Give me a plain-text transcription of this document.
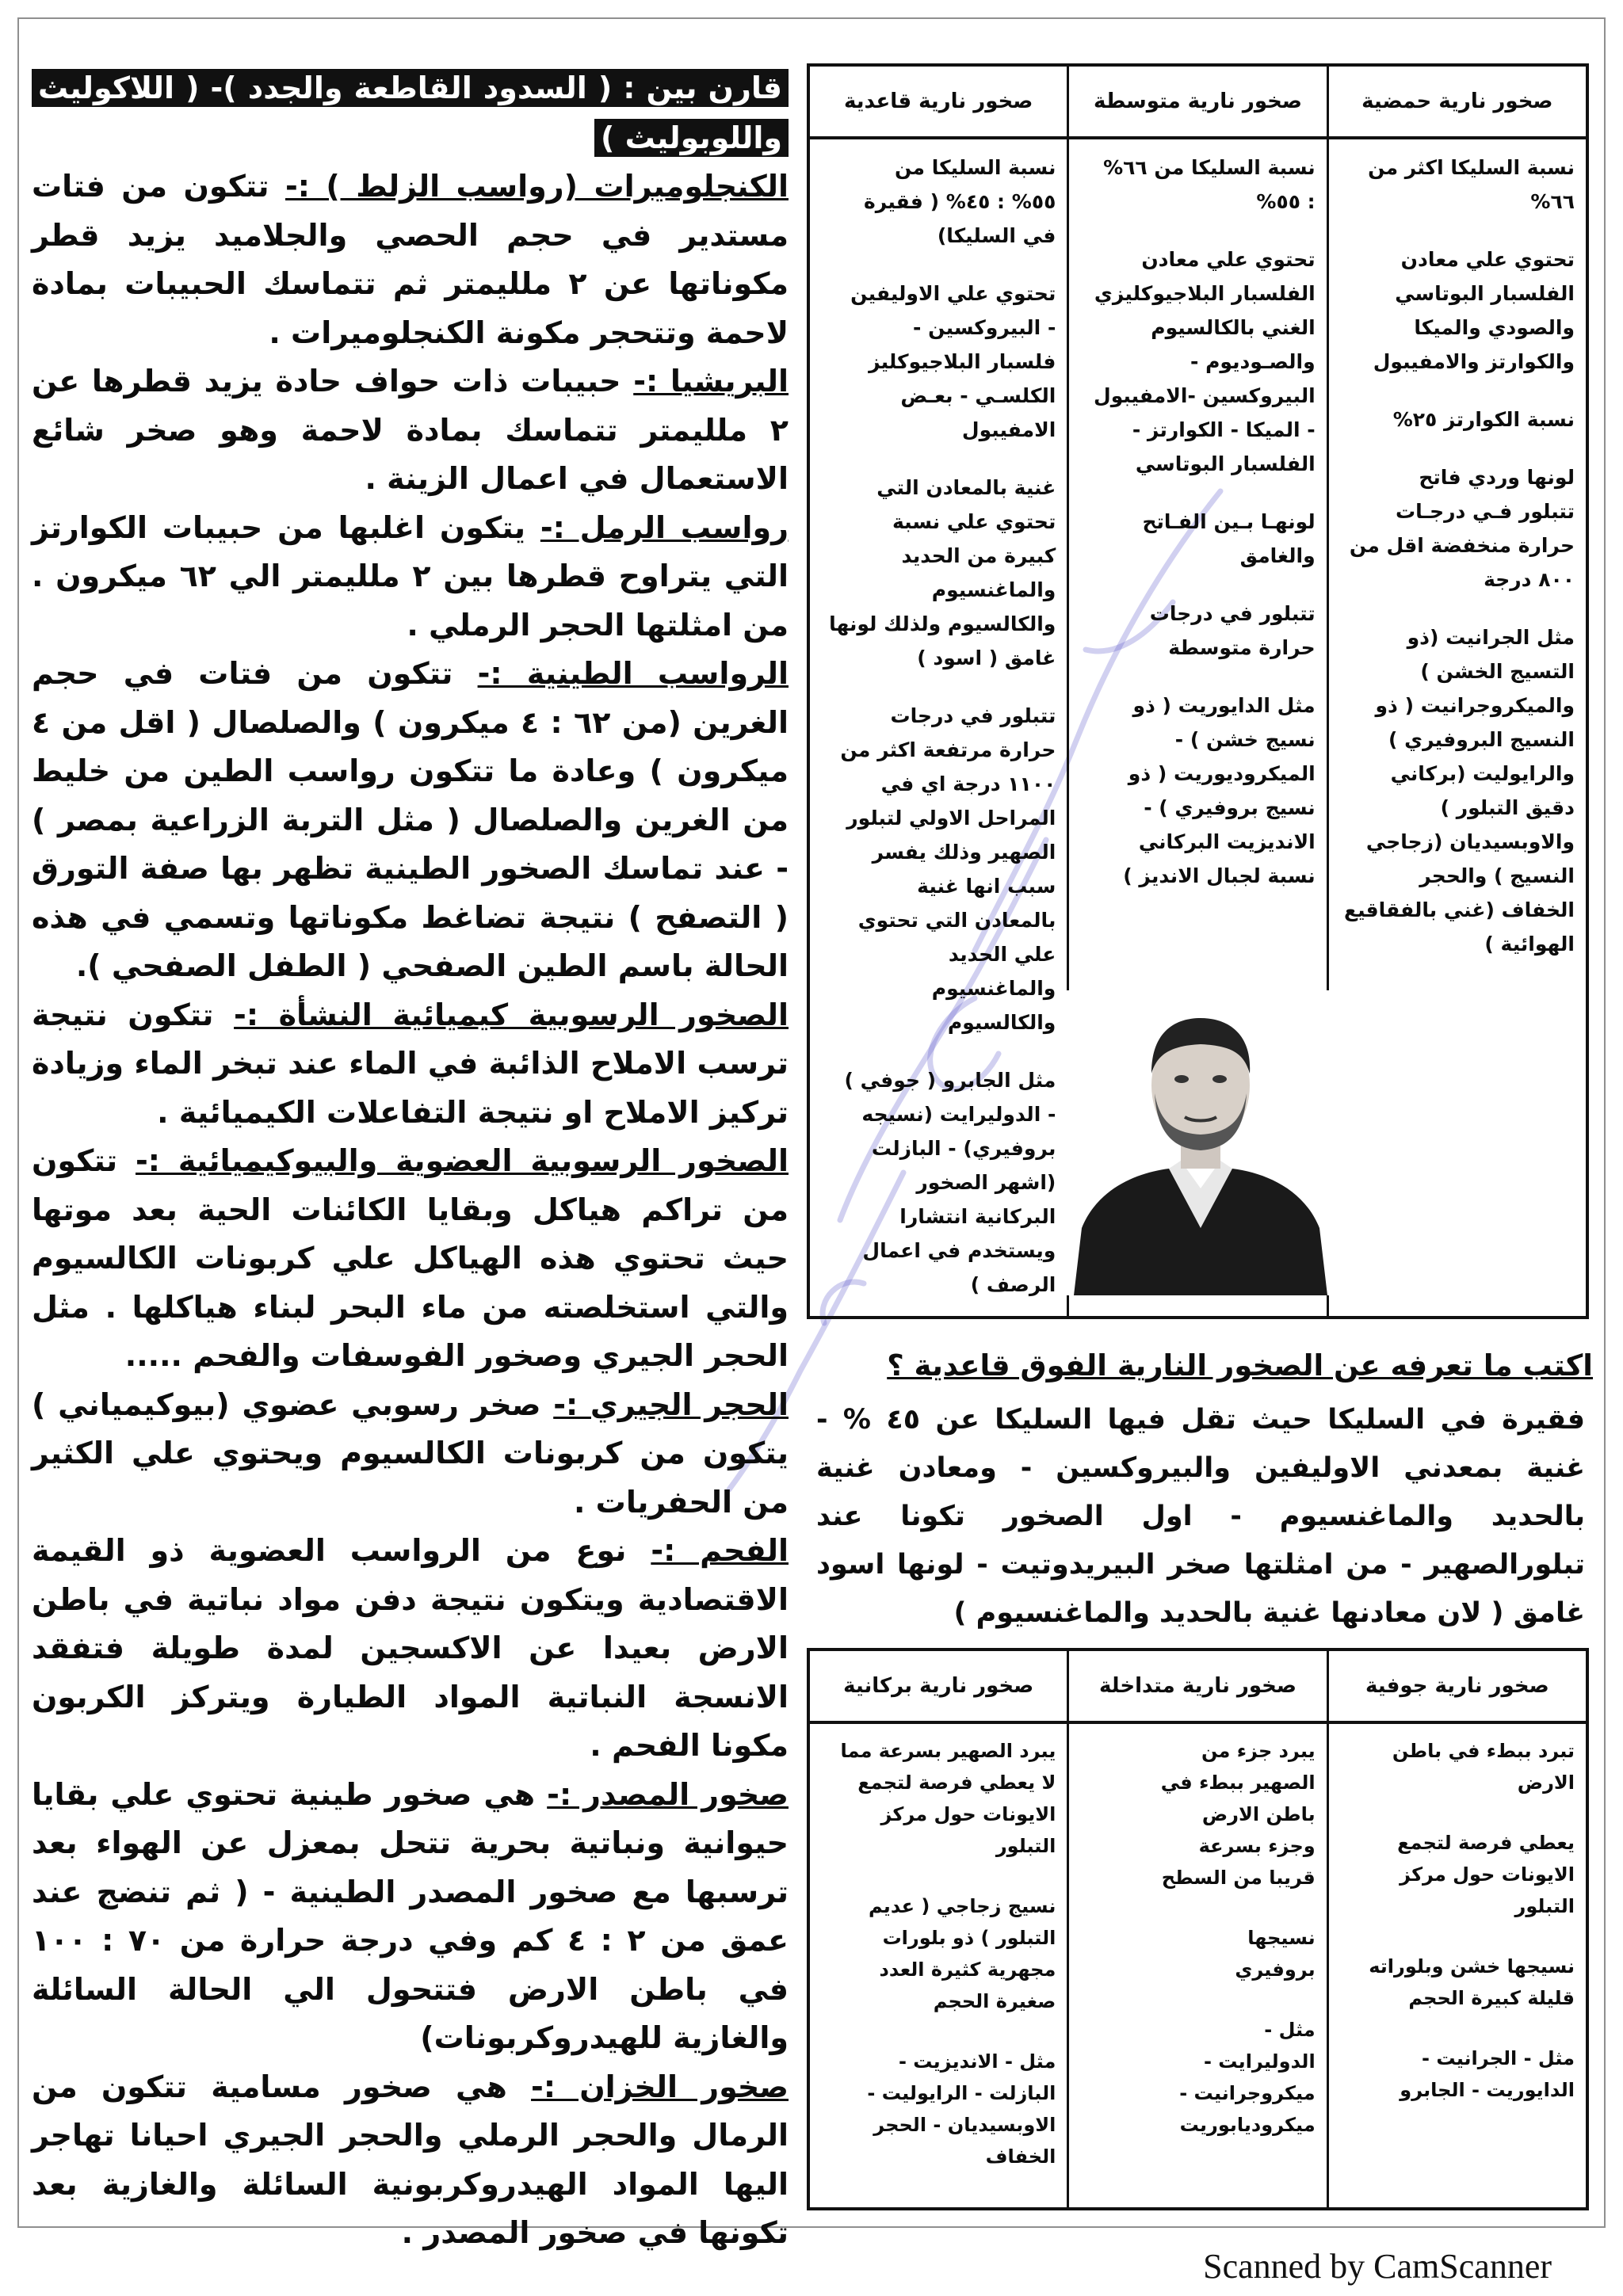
صخور نارية حمضية
صخور نارية متوسطة
صخور نارية قاعدية
نسبة السليكا اكثر من
٦٦%
تحتوي علي معادن
الفلسبار البوتاسي
والصودي والميكا
والكوارتز والامفيبول
نسبة الكوارتز ٢٥%
لونها وردي فاتح
تتبلور فـي درجـات
حرارة منخفضة اقل من
٨٠٠ درجة
مثل الجرانيت (ذو
التسيج الخشن )
والميكروجرانيت ( ذو
النسيج البروفيري )
والرايوليت (بركاني
دقيق التبلور )
والاوبسيديان (زجاجي
النسيج ) والحجر
الخفاف (غني بالفقاقيع
الهوائية )
نسبة السليكا من ٦٦%
: ٥٥%
تحتوي علي معادن
الفلسبار البلاجيوكليزي
الغني بالكالسيوم
والصـوديوم -
البيروكسين -الامفيبول
- الميكا - الكوارتز -
الفلسبار البوتاسي
لونهـا بـين الفـاتح
والغامق
تتبلور في درجات
حرارة متوسطة
مثل الدايوريت ( ذو
نسيج خشن ) -
الميكروديوريت ( ذو
نسيج بروفيري ) -
الانديزيت البركاني
نسبة لجبال الانديز )
نسبة السليكا من
٥٥% : ٤٥% ( فقيرة
في السليكا)
تحتوي علي الاوليفين
- البيروكسين -
فلسبار البلاجيوكليز
الكلسـي - بعـض
الامفيبول
غنية بالمعادن التي
تحتوي علي نسبة
كبيرة من الحديد
والماغنسيوم
والكالسيوم ولذلك لونها
غامق ( اسود )
تتبلور في درجات
حرارة مرتفعة اكثر من
١١٠٠ درجة اي في
المراحل الاولي لتبلور
الصهير وذلك يفسر
سبب انها غنية
بالمعادن التي تحتوي
علي الحديد
والماغنسيوم
والكالسيوم
مثل الجابرو ( جوفي )
- الدوليرايت (نسيجه
بروفيري) - البازلت
(اشهر الصخور
البركانية انتشارا
ويستخدم في اعمال
الرصف )
اكتب ما تعرفه عن الصخور النارية الفوق قاعدية ؟
فقيرة في السليكا حيث تقل فيها السليكا عن ٤٥ % - غنية بمعدني الاوليفين والبيروكسين - ومعادن غنية بالحديد والماغنسيوم - اول الصخور تكونا عند تبلورالصهير - من امثلتها صخر البيريدوتيت - لونها اسود غامق ( لان معادنها غنية بالحديد والماغنسيوم )
صخور نارية جوفية
صخور نارية متداخلة
صخور نارية بركانية
تبرد ببطء في باطن
الارض
يعطي فرصة لتجمع
الايونات حول مركز
التبلور
نسيجها خشن وبلوراته
قليلة كبيرة الحجم
مثل - الجرانيت -
الدايوريت - الجابرو
يبرد جزء من
الصهير ببطء في
باطن الارض
وجزء بسرعة
قريبا من السطح
نسيجها
بروفيري
مثل -
الدوليرايت -
ميكروجرانيت -
ميكروديابوريت
يبرد الصهير بسرعة مما
لا يعطي فرصة لتجمع
الايونات حول مركز
التبلور
نسيج زجاجي ( عديم
التبلور ) ذو بلورات
مجهرية كثيرة العدد
صغيرة الحجم
مثل - الانديزيت -
البازلت - الرايوليت -
الاوبسيديان - الحجر
الخفاف

قارن بين : ( السدود القاطعة والجدد )- ( اللاكوليث واللوبوليث )

الكنجلوميرات (رواسب الزلط ) :- تتكون من فتات مستدير في حجم الحصي والجلاميد يزيد قطر مكوناتها عن ٢ ملليمتر ثم تتماسك الحبيبات بمادة لاحمة وتتحجر مكونة الكنجلوميرات .

البريشيا :- حبيبات ذات حواف حادة يزيد قطرها عن ٢ ملليمتر تتماسك بمادة لاحمة وهو صخر شائع الاستعمال في اعمال الزينة .

رواسب الرمل :- يتكون اغلبها من حبيبات الكوارتز التي يتراوح قطرها بين ٢ ملليمتر الي ٦٢ ميكرون . من امثلتها الحجر الرملي .

الرواسب الطينية :- تتكون من فتات في حجم الغرين (من ٦٢ : ٤ ميكرون ) والصلصال ( اقل من ٤ ميكرون ) وعادة ما تتكون رواسب الطين من خليط من الغرين والصلصال ( مثل التربة الزراعية بمصر ) - عند تماسك الصخور الطينية تظهر بها صفة التورق ( التصفح ) نتيجة تضاغط مكوناتها وتسمي في هذه الحالة باسم الطين الصفحي ( الطفل الصفحي ).

الصخور الرسوبية كيميائية النشأة :- تتكون نتيجة ترسب الاملاح الذائبة في الماء عند تبخر الماء وزيادة تركيز الاملاح او نتيجة التفاعلات الكيميائية .

الصخور الرسوبية العضوية والبيوكيميائية :- تتكون من تراكم هياكل وبقايا الكائنات الحية بعد موتها حيث تحتوي هذه الهياكل علي كربونات الكالسيوم والتي استخلصته من ماء البحر لبناء هياكلها . مثل الحجر الجيري وصخور الفوسفات والفحم .....

الحجر الجيري :- صخر رسوبي عضوي (بيوكيمياني ) يتكون من كربونات الكالسيوم ويحتوي علي الكثير من الحفريات .

الفحم :- نوع من الرواسب العضوية ذو القيمة الاقتصادية ويتكون نتيجة دفن مواد نباتية في باطن الارض بعيدا عن الاكسجين لمدة طويلة فتفقد الانسجة النباتية المواد الطيارة ويتركز الكربون مكونا الفحم .

صخور المصدر :- هي صخور طينية تحتوي علي بقايا حيوانية ونباتية بحرية تتحل بمعزل عن الهواء بعد ترسبها مع صخور المصدر الطينية - ( ثم تنضج عند عمق من ٢ : ٤ كم وفي درجة حرارة من ٧٠ : ١٠٠ في باطن الارض فتتحول الي الحالة السائلة والغازية للهيدروكربونات)

صخور الخزان :- هي صخور مسامية تتكون من الرمال والحجر الرملي والحجر الجيري احيانا تهاجر اليها المواد الهيدروكربونية السائلة والغازية بعد تكونها في صخور المصدر .

Scanned by CamScanner
